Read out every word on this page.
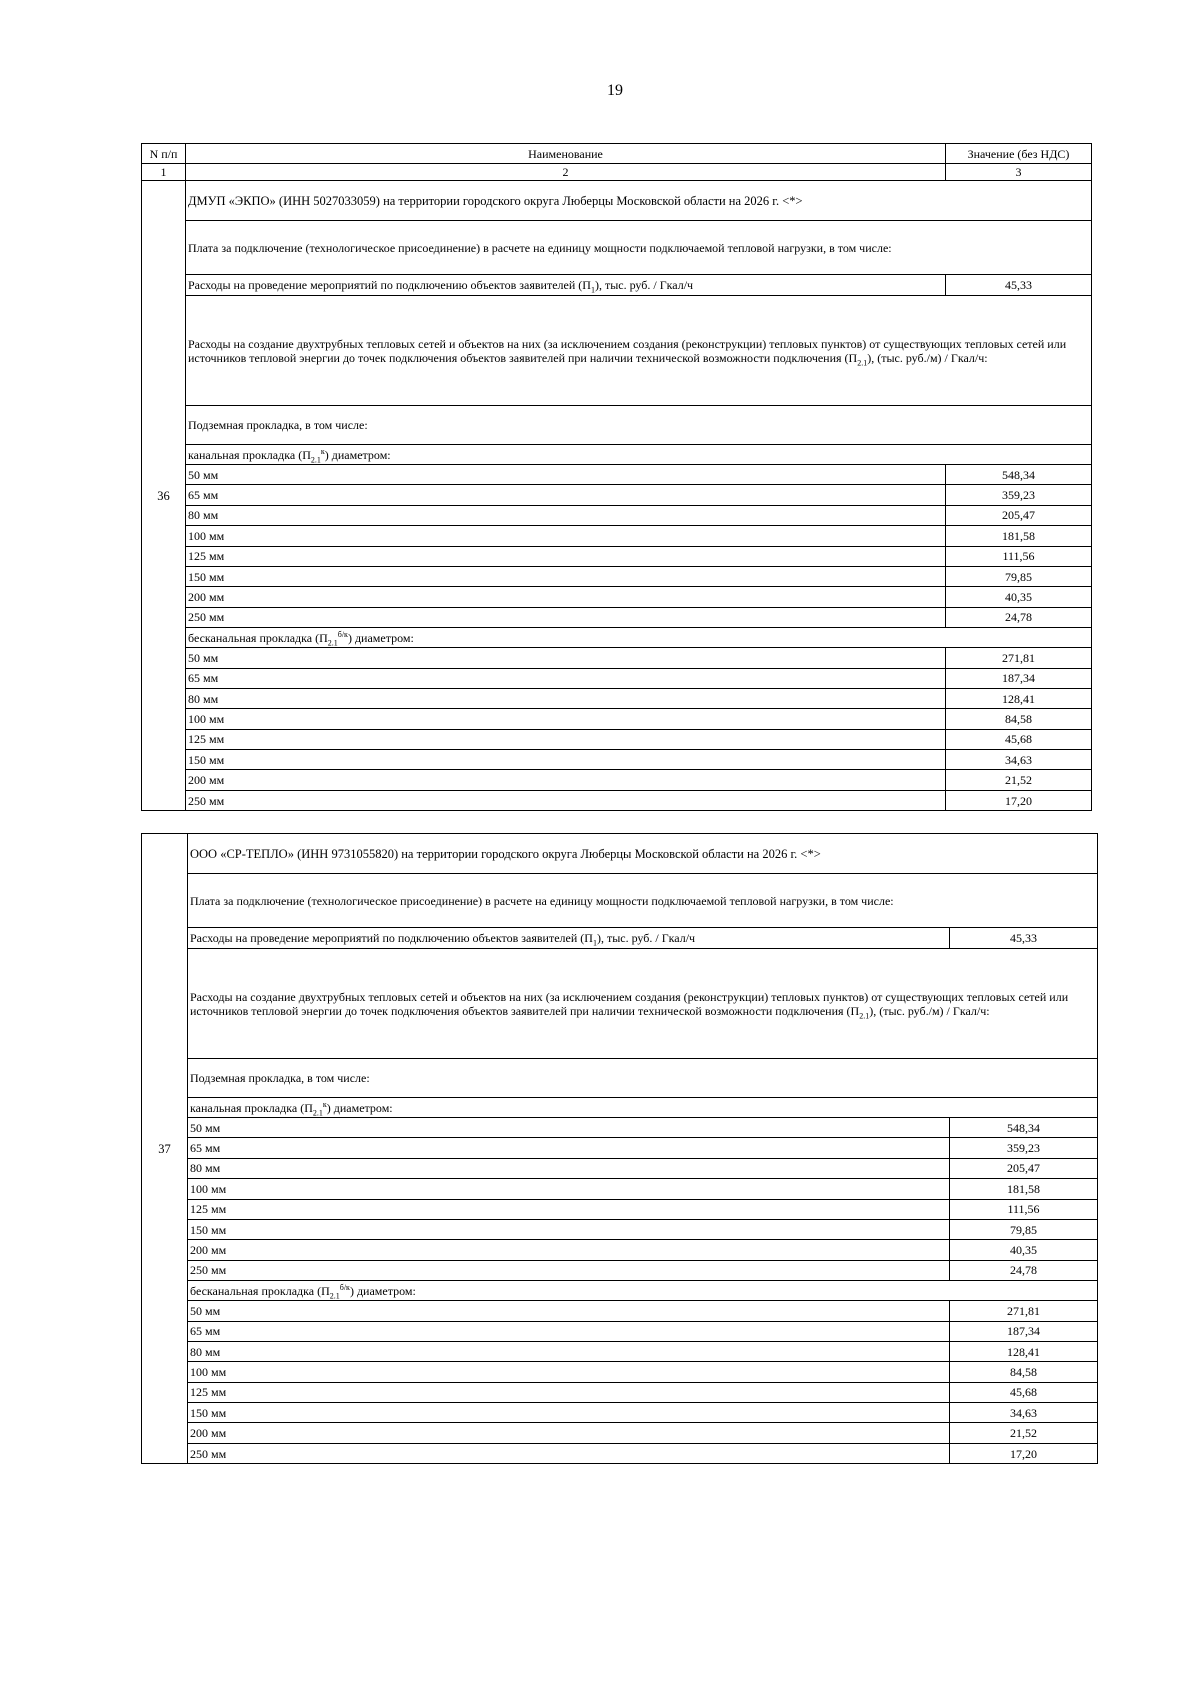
19
N п/п	Наименование	Значение (без НДС)
1	2	3
36	ДМУП «ЭКПО» (ИНН 5027033059) на территории городского округа Люберцы Московской области на 2026 г. <*>	
	Плата за подключение (технологическое присоединение) в расчете на единицу мощности подключаемой тепловой нагрузки, в том числе:	
	Расходы на проведение мероприятий по подключению объектов заявителей $(П_1)$, тыс. руб. / Гкал/ч	45,33
	Расходы на создание двухтрубных тепловых сетей и объектов на них (за исключением создания (реконструкции) тепловых пунктов) от существующих тепловых сетей или источников тепловой энергии до точек подключения объектов заявителей при наличии технической возможности подключения $(П_{2.1})$, (тыс. руб./м) / Гкал/ч:	
	Подземная прокладка, в том числе:	
	канальная прокладка $(П_{2.1}^к)$ диаметром:	
	50 мм	548,34
	65 мм	359,23
	80 мм	205,47
	100 мм	181,58
	125 мм	111,56
	150 мм	79,85
	200 мм	40,35
	250 мм	24,78
	бесканальная прокладка $(П_{2.1}^{б/к})$ диаметром:	
	50 мм	271,81
	65 мм	187,34
	80 мм	128,41
	100 мм	84,58
	125 мм	45,68
	150 мм	34,63
	200 мм	21,52
	250 мм	17,20
37	ООО «СР-ТЕПЛО» (ИНН 9731055820) на территории городского округа Люберцы Московской области на 2026 г. <*>	
	Плата за подключение (технологическое присоединение) в расчете на единицу мощности подключаемой тепловой нагрузки, в том числе:	
	Расходы на проведение мероприятий по подключению объектов заявителей $(П_1)$, тыс. руб. / Гкал/ч	45,33
	Расходы на создание двухтрубных тепловых сетей и объектов на них (за исключением создания (реконструкции) тепловых пунктов) от существующих тепловых сетей или источников тепловой энергии до точек подключения объектов заявителей при наличии технической возможности подключения $(П_{2.1})$, (тыс. руб./м) / Гкал/ч:	
	Подземная прокладка, в том числе:	
	канальная прокладка $(П_{2.1}^к)$ диаметром:	
	50 мм	548,34
	65 мм	359,23
	80 мм	205,47
	100 мм	181,58
	125 мм	111,56
	150 мм	79,85
	200 мм	40,35
	250 мм	24,78
	бесканальная прокладка $(П_{2.1}^{б/к})$ диаметром:	
	50 мм	271,81
	65 мм	187,34
	80 мм	128,41
	100 мм	84,58
	125 мм	45,68
	150 мм	34,63
	200 мм	21,52
	250 мм	17,20
